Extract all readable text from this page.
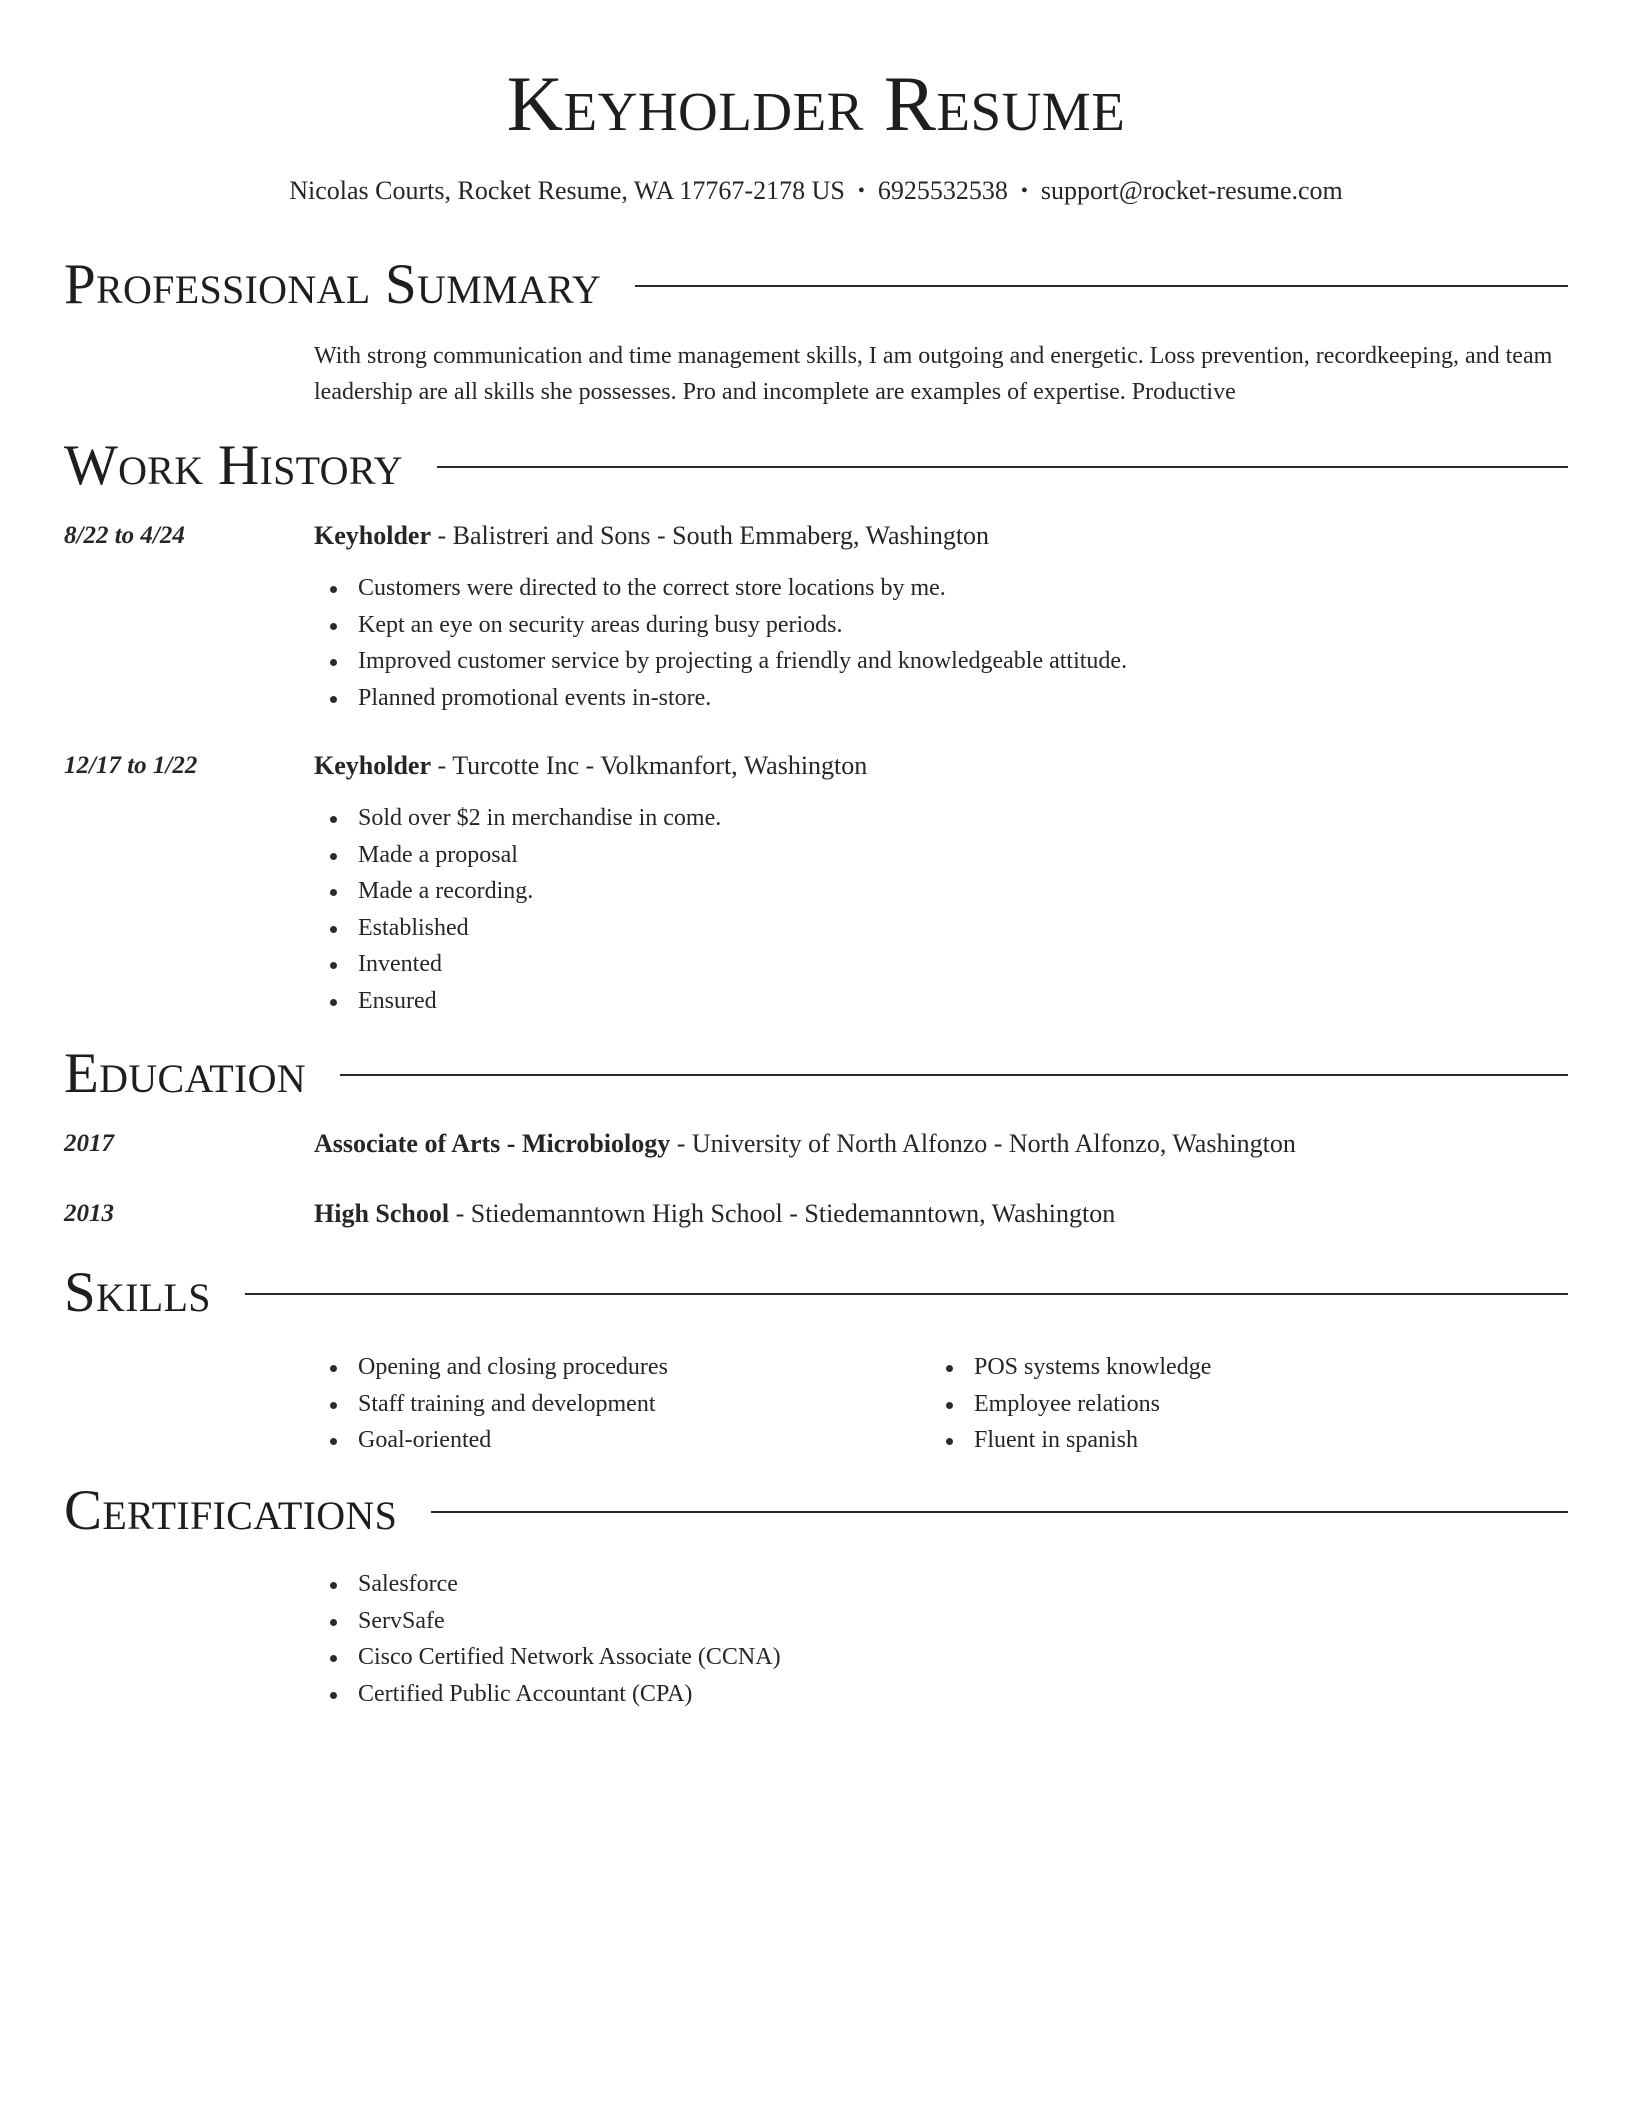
Keyholder Resume
Nicolas Courts, Rocket Resume, WA 17767-2178 US • 6925532538 • support@rocket-resume.com
Professional Summary
With strong communication and time management skills, I am outgoing and energetic. Loss prevention, recordkeeping, and team leadership are all skills she possesses. Pro and incomplete are examples of expertise. Productive
Work History
8/22 to 4/24	Keyholder - Balistreri and Sons - South Emmaberg, Washington
Customers were directed to the correct store locations by me.
Kept an eye on security areas during busy periods.
Improved customer service by projecting a friendly and knowledgeable attitude.
Planned promotional events in-store.
12/17 to 1/22	Keyholder - Turcotte Inc - Volkmanfort, Washington
Sold over $2 in merchandise in come.
Made a proposal
Made a recording.
Established
Invented
Ensured
Education
2017	Associate of Arts - Microbiology - University of North Alfonzo - North Alfonzo, Washington
2013	High School - Stiedemanntown High School - Stiedemanntown, Washington
Skills
Opening and closing procedures
Staff training and development
Goal-oriented
POS systems knowledge
Employee relations
Fluent in spanish
Certifications
Salesforce
ServSafe
Cisco Certified Network Associate (CCNA)
Certified Public Accountant (CPA)
